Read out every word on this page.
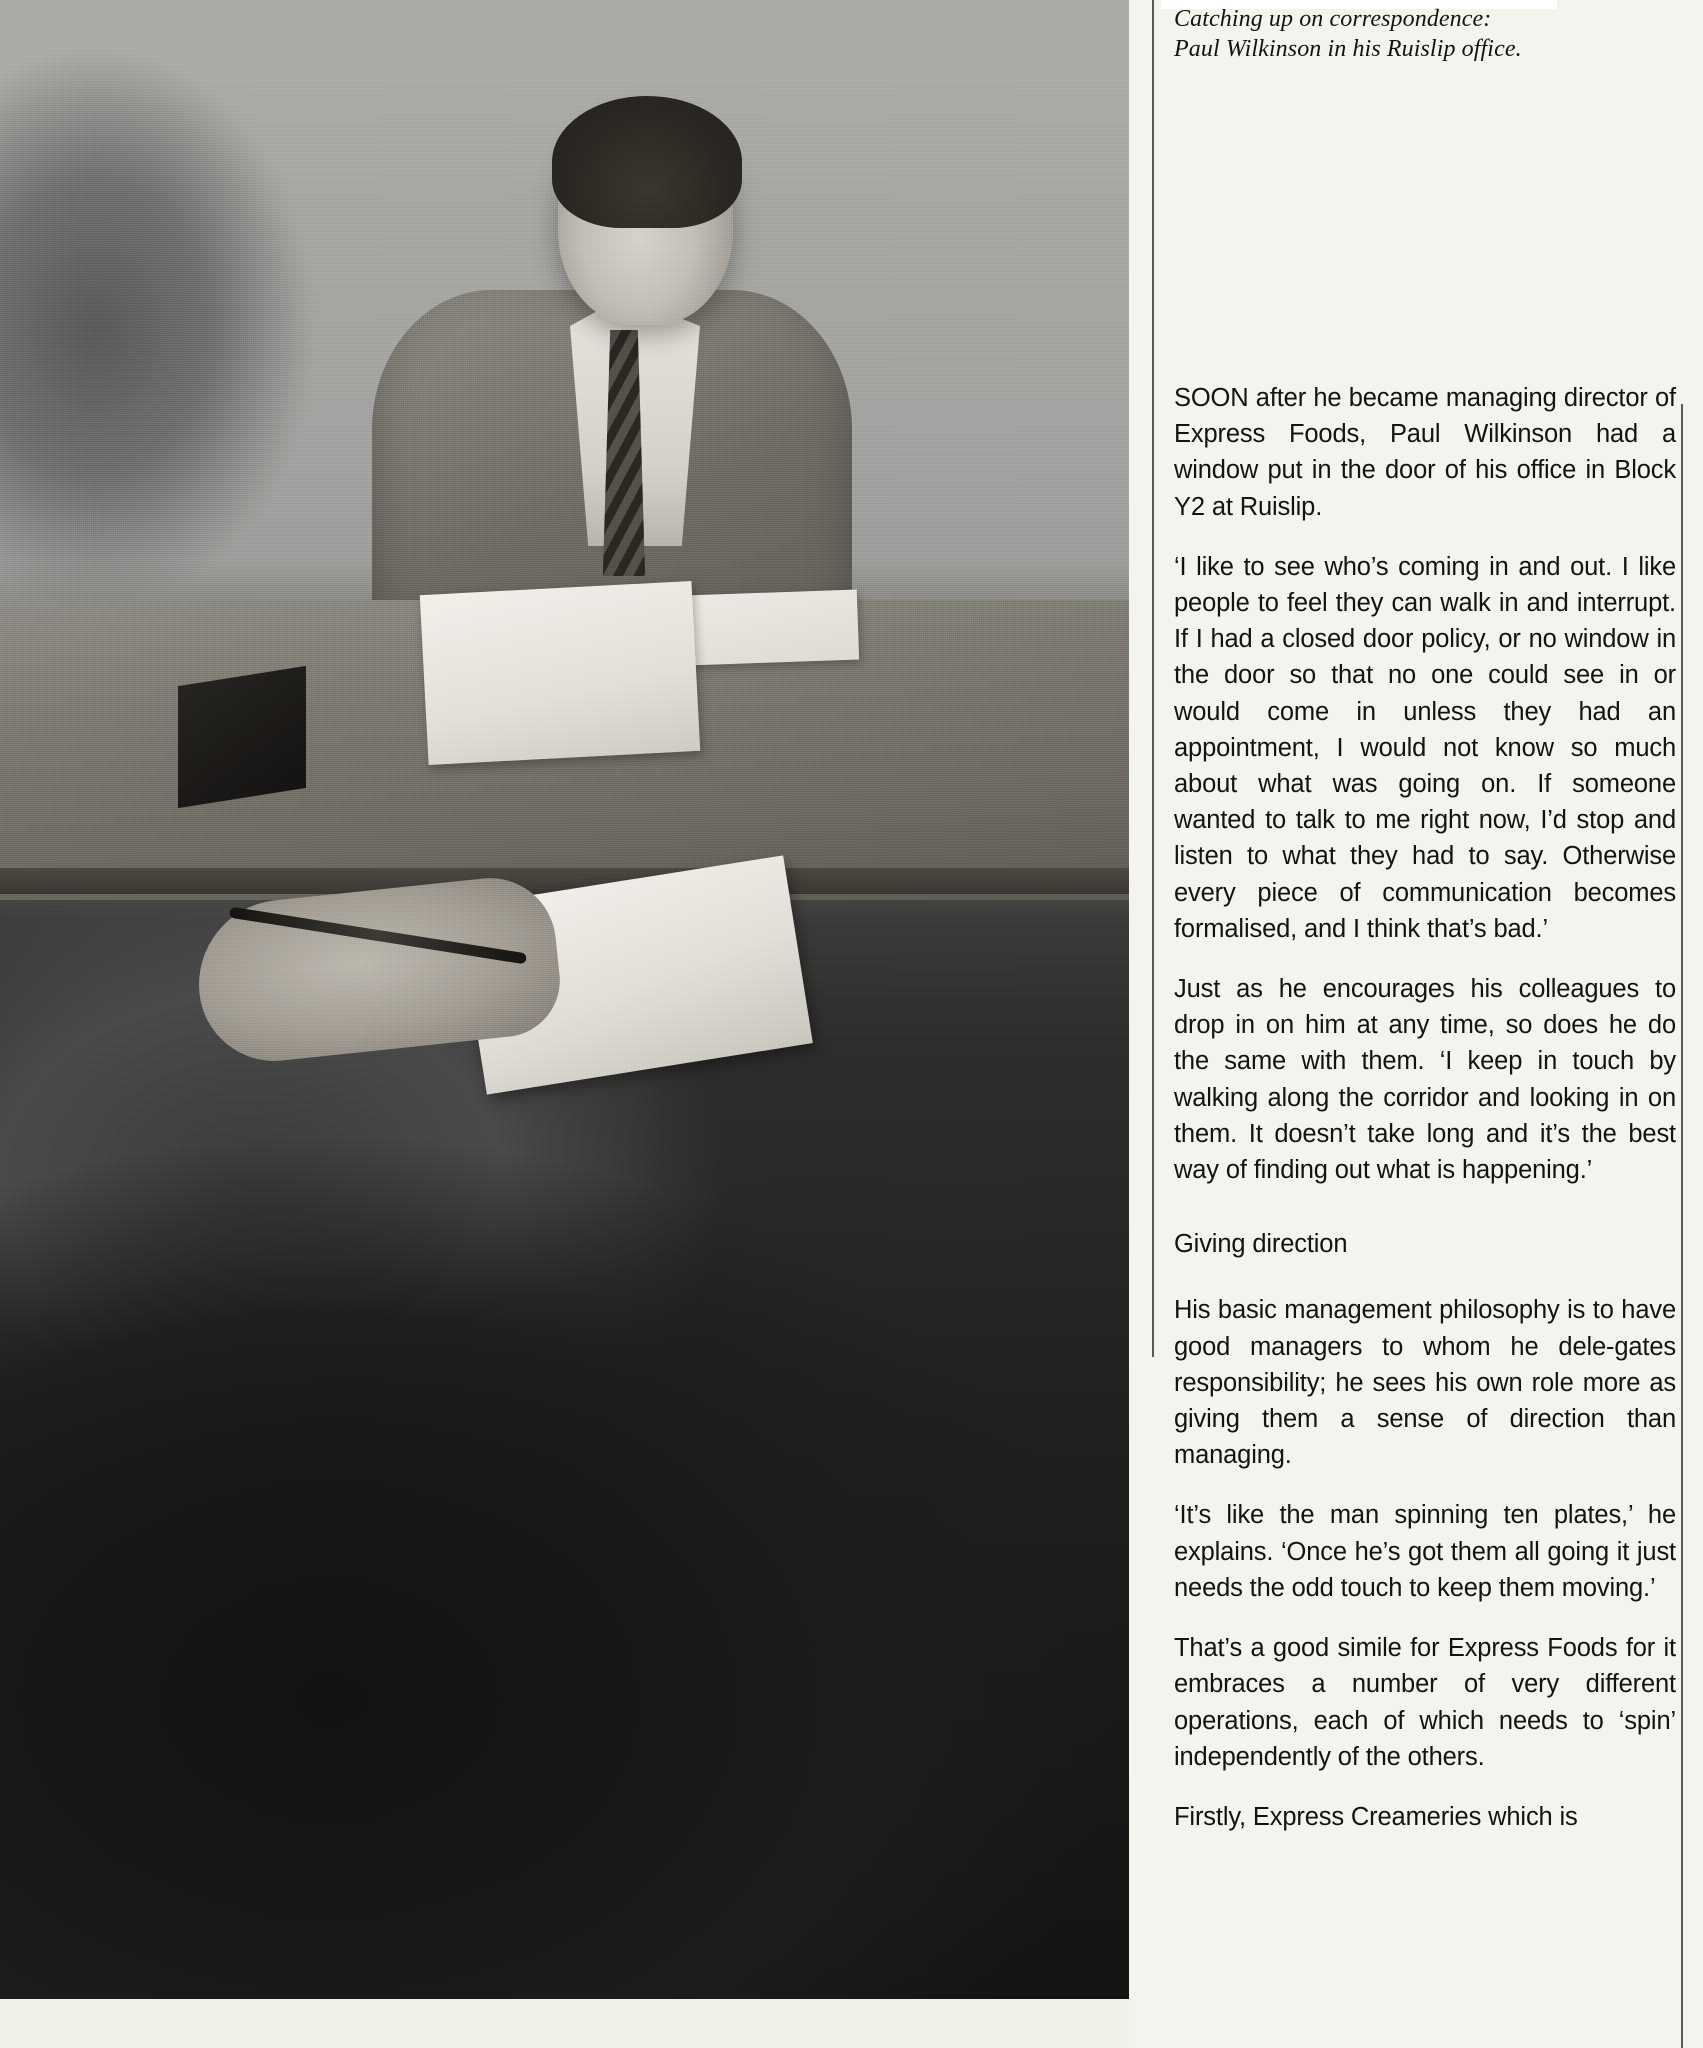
Catching up on correspondence:
Paul Wilkinson in his Ruislip office.

SOON after he became managing director of Express Foods, Paul Wilkinson had a window put in the door of his office in Block Y2 at Ruislip.

‘I like to see who’s coming in and out. I like people to feel they can walk in and interrupt. If I had a closed door policy, or no window in the door so that no one could see in or would come in unless they had an appointment, I would not know so much about what was going on. If someone wanted to talk to me right now, I’d stop and listen to what they had to say. Otherwise every piece of communication becomes formalised, and I think that’s bad.’

Just as he encourages his colleagues to drop in on him at any time, so does he do the same with them. ‘I keep in touch by walking along the corridor and looking in on them. It doesn’t take long and it’s the best way of finding out what is happening.’

Giving direction

His basic management philosophy is to have good managers to whom he dele-gates responsibility; he sees his own role more as giving them a sense of direction than managing.

‘It’s like the man spinning ten plates,’ he explains. ‘Once he’s got them all going it just needs the odd touch to keep them moving.’

That’s a good simile for Express Foods for it embraces a number of very different operations, each of which needs to ‘spin’ independently of the others.

Firstly, Express Creameries which is
